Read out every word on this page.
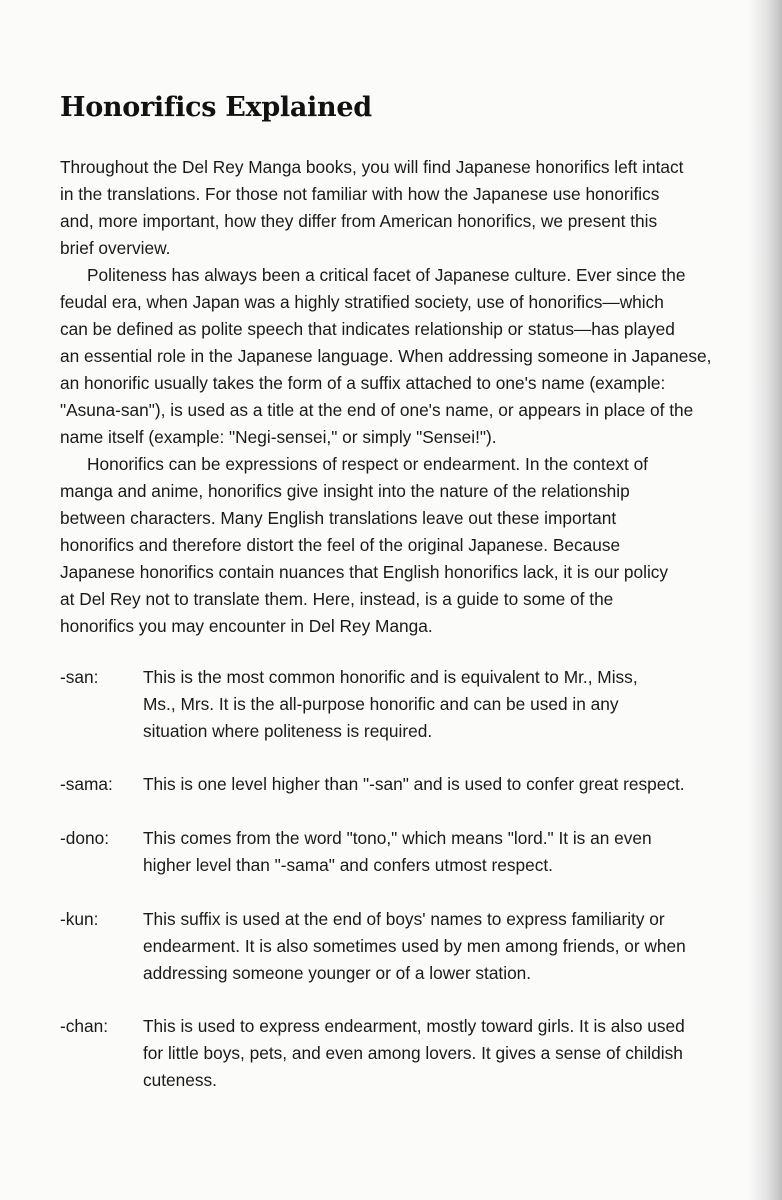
Honorifics Explained
Throughout the Del Rey Manga books, you will find Japanese honorifics left intact
in the translations. For those not familiar with how the Japanese use honorifics
and, more important, how they differ from American honorifics, we present this
brief overview.
Politeness has always been a critical facet of Japanese culture. Ever since the
feudal era, when Japan was a highly stratified society, use of honorifics—which
can be defined as polite speech that indicates relationship or status—has played
an essential role in the Japanese language. When addressing someone in Japanese,
an honorific usually takes the form of a suffix attached to one's name (example:
"Asuna-san"), is used as a title at the end of one's name, or appears in place of the
name itself (example: "Negi-sensei," or simply "Sensei!").
Honorifics can be expressions of respect or endearment. In the context of
manga and anime, honorifics give insight into the nature of the relationship
between characters. Many English translations leave out these important
honorifics and therefore distort the feel of the original Japanese. Because
Japanese honorifics contain nuances that English honorifics lack, it is our policy
at Del Rey not to translate them. Here, instead, is a guide to some of the
honorifics you may encounter in Del Rey Manga.
-san:	This is the most common honorific and is equivalent to Mr., Miss,
Ms., Mrs. It is the all-purpose honorific and can be used in any
situation where politeness is required.
-sama: This is one level higher than "-san" and is used to confer great respect.
-dono: This comes from the word "tono," which means "lord." It is an even
higher level than "-sama" and confers utmost respect.
-kun:	This suffix is used at the end of boys' names to express familiarity or
endearment. It is also sometimes used by men among friends, or when
addressing someone younger or of a lower station.
-chan: This is used to express endearment, mostly toward girls. It is also used
for little boys, pets, and even among lovers. It gives a sense of childish
cuteness.
